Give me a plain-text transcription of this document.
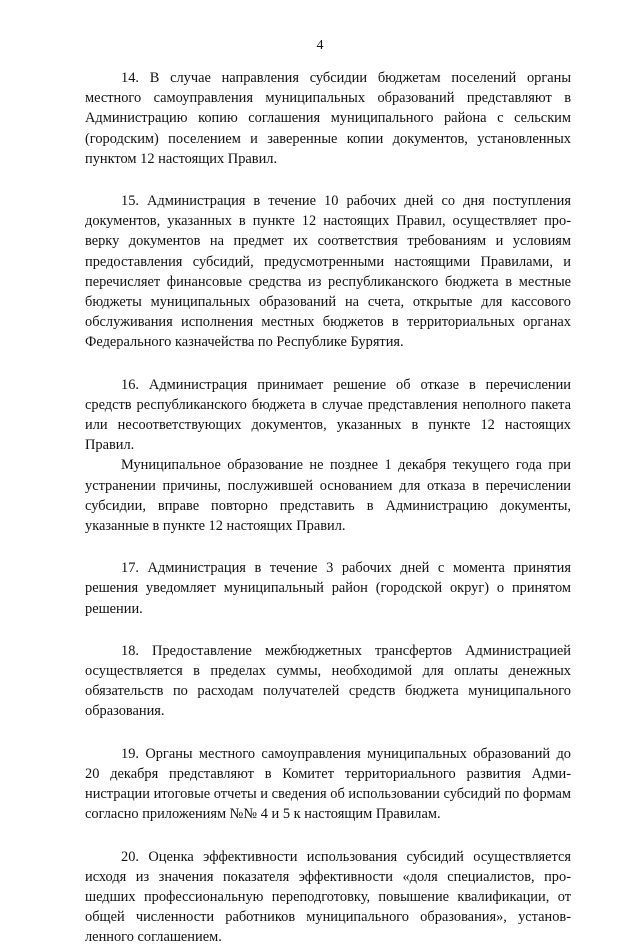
4

14. В случае направления субсидии бюджетам поселений органы местного самоуправления муниципальных образований представляют в Администрацию копию соглашения муниципального района с сельским (городским) поселением и заверенные копии документов, установленных пунктом 12 настоящих Правил.

15. Администрация в течение 10 рабочих дней со дня поступления документов, указанных в пункте 12 настоящих Правил, осуществляет проверку документов на предмет их соответствия требованиям и условиям предоставления субсидий, предусмотренными настоящими Правилами, и перечисляет финансовые средства из республиканского бюджета в местные бюджеты муниципальных образований на счета, открытые для кассового обслуживания исполнения местных бюджетов в территориальных органах Федерального казначейства по Республике Бурятия.

16. Администрация принимает решение об отказе в перечислении средств республиканского бюджета в случае представления неполного пакета или несоответствующих документов, указанных в пункте 12 настоящих Правил.

Муниципальное образование не позднее 1 декабря текущего года при устранении причины, послужившей основанием для отказа в перечислении субсидии, вправе повторно представить в Администрацию документы, указанные в пункте 12 настоящих Правил.

17. Администрация в течение 3 рабочих дней с момента принятия решения уведомляет муниципальный район (городской округ) о принятом решении.

18. Предоставление межбюджетных трансфертов Администрацией осуществляется в пределах суммы, необходимой для оплаты денежных обязательств по расходам получателей средств бюджета муниципального образования.

19. Органы местного самоуправления муниципальных образований до 20 декабря представляют в Комитет территориального развития Администрации итоговые отчеты и сведения об использовании субсидий по формам согласно приложениям №№ 4 и 5 к настоящим Правилам.

20. Оценка эффективности использования субсидий осуществляется исходя из значения показателя эффективности «доля специалистов, прошедших профессиональную переподготовку, повышение квалификации, от общей численности работников муниципального образования», установленного соглашением.
